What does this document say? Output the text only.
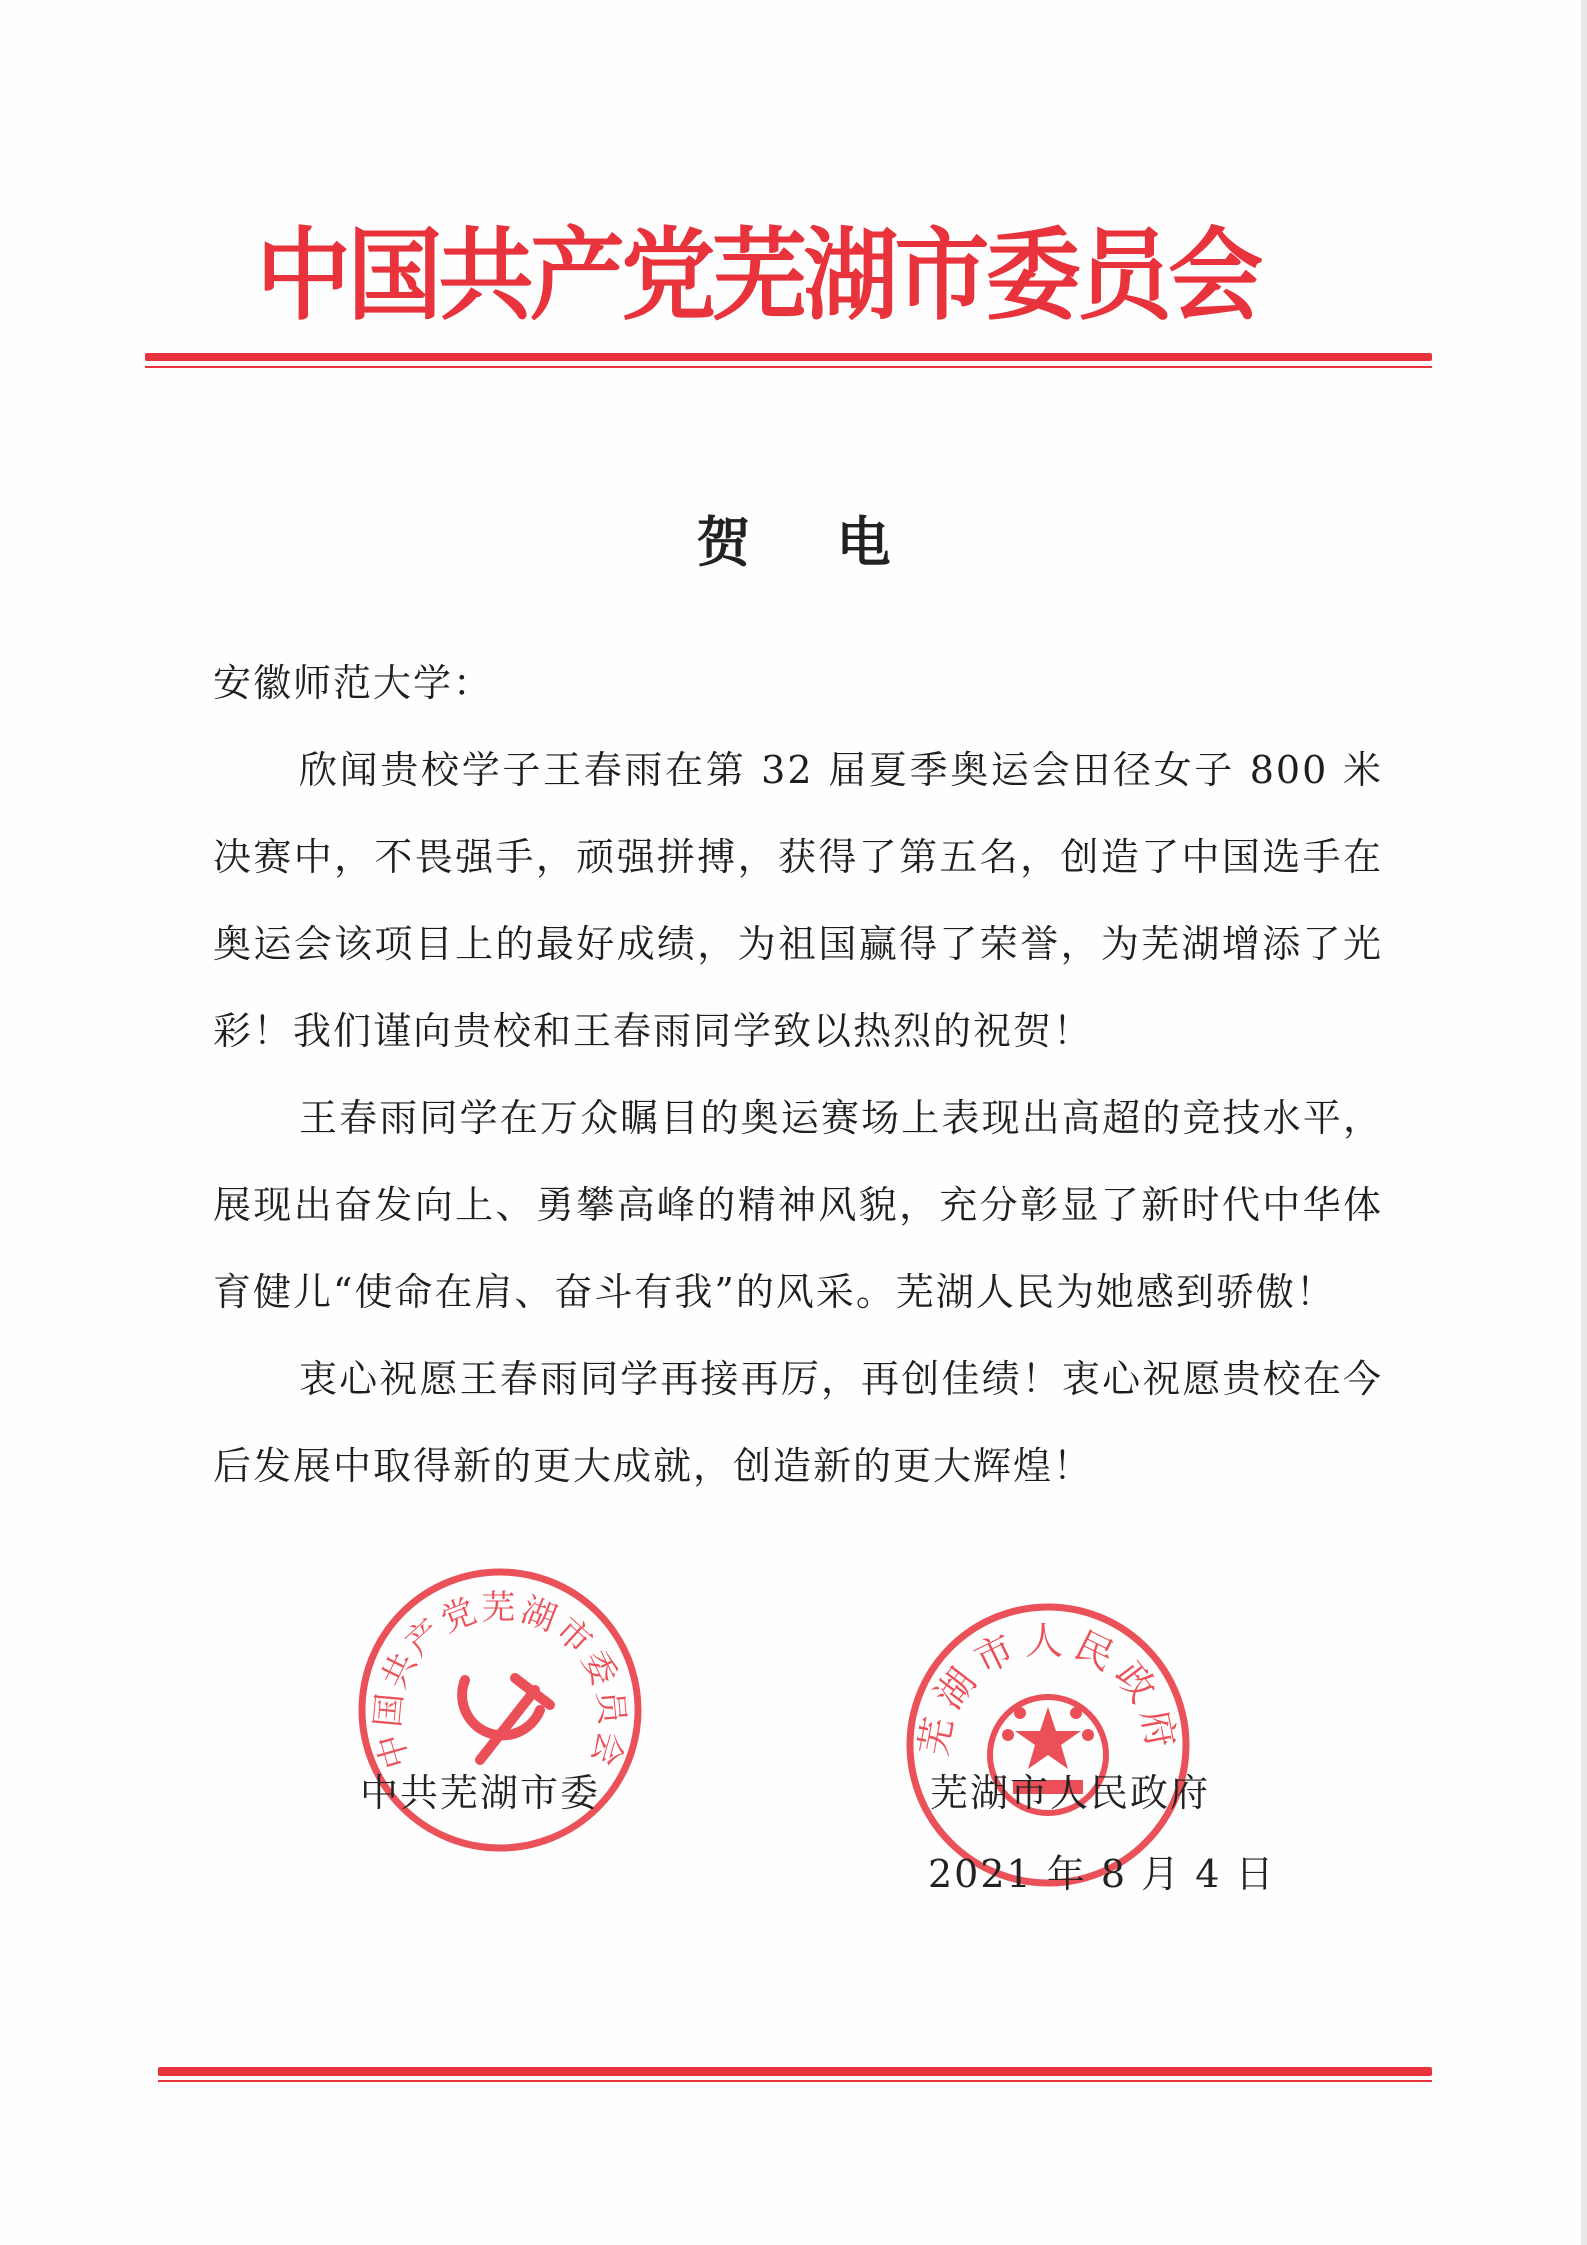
中国共产党芜湖市委员会
贺电

安徽师范大学：

欣闻贵校学子王春雨在第 32 届夏季奥运会田径女子 800 米决赛中，不畏强手，顽强拼搏，获得了第五名，创造了中国选手在奥运会该项目上的最好成绩，为祖国赢得了荣誉，为芜湖增添了光彩！我们谨向贵校和王春雨同学致以热烈的祝贺！

王春雨同学在万众瞩目的奥运赛场上表现出高超的竞技水平，展现出奋发向上、勇攀高峰的精神风貌，充分彰显了新时代中华体育健儿“使命在肩、奋斗有我”的风采。芜湖人民为她感到骄傲！

衷心祝愿王春雨同学再接再厉，再创佳绩！衷心祝愿贵校在今后发展中取得新的更大成就，创造新的更大辉煌！

中国共产党芜湖市委员会	芜湖市人民政府
中共芜湖市委	芜湖市人民政府
2021 年 8 月 4 日
